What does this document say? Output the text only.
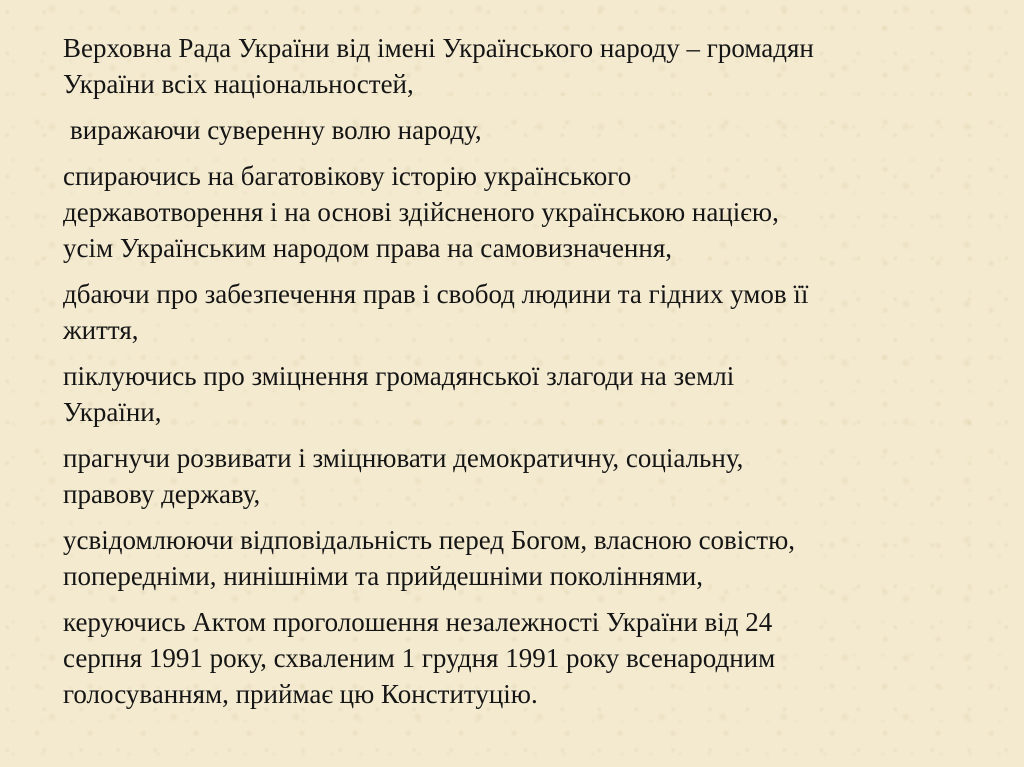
Верховна Рада України від імені Українського народу – громадян
України всіх національностей,

виражаючи суверенну волю народу,

спираючись на багатовікову історію українського
державотворення і на основі здійсненого українською нацією,
усім Українським народом права на самовизначення,

дбаючи про забезпечення прав і свобод людини та гідних умов її
життя,

піклуючись про зміцнення громадянської злагоди на землі
України,

прагнучи розвивати і зміцнювати демократичну, соціальну,
правову державу,

усвідомлюючи відповідальність перед Богом, власною совістю,
попередніми, нинішніми та прийдешніми поколіннями,

керуючись Актом проголошення незалежності України від 24
серпня 1991 року, схваленим 1 грудня 1991 року всенародним
голосуванням, приймає цю Конституцію.
